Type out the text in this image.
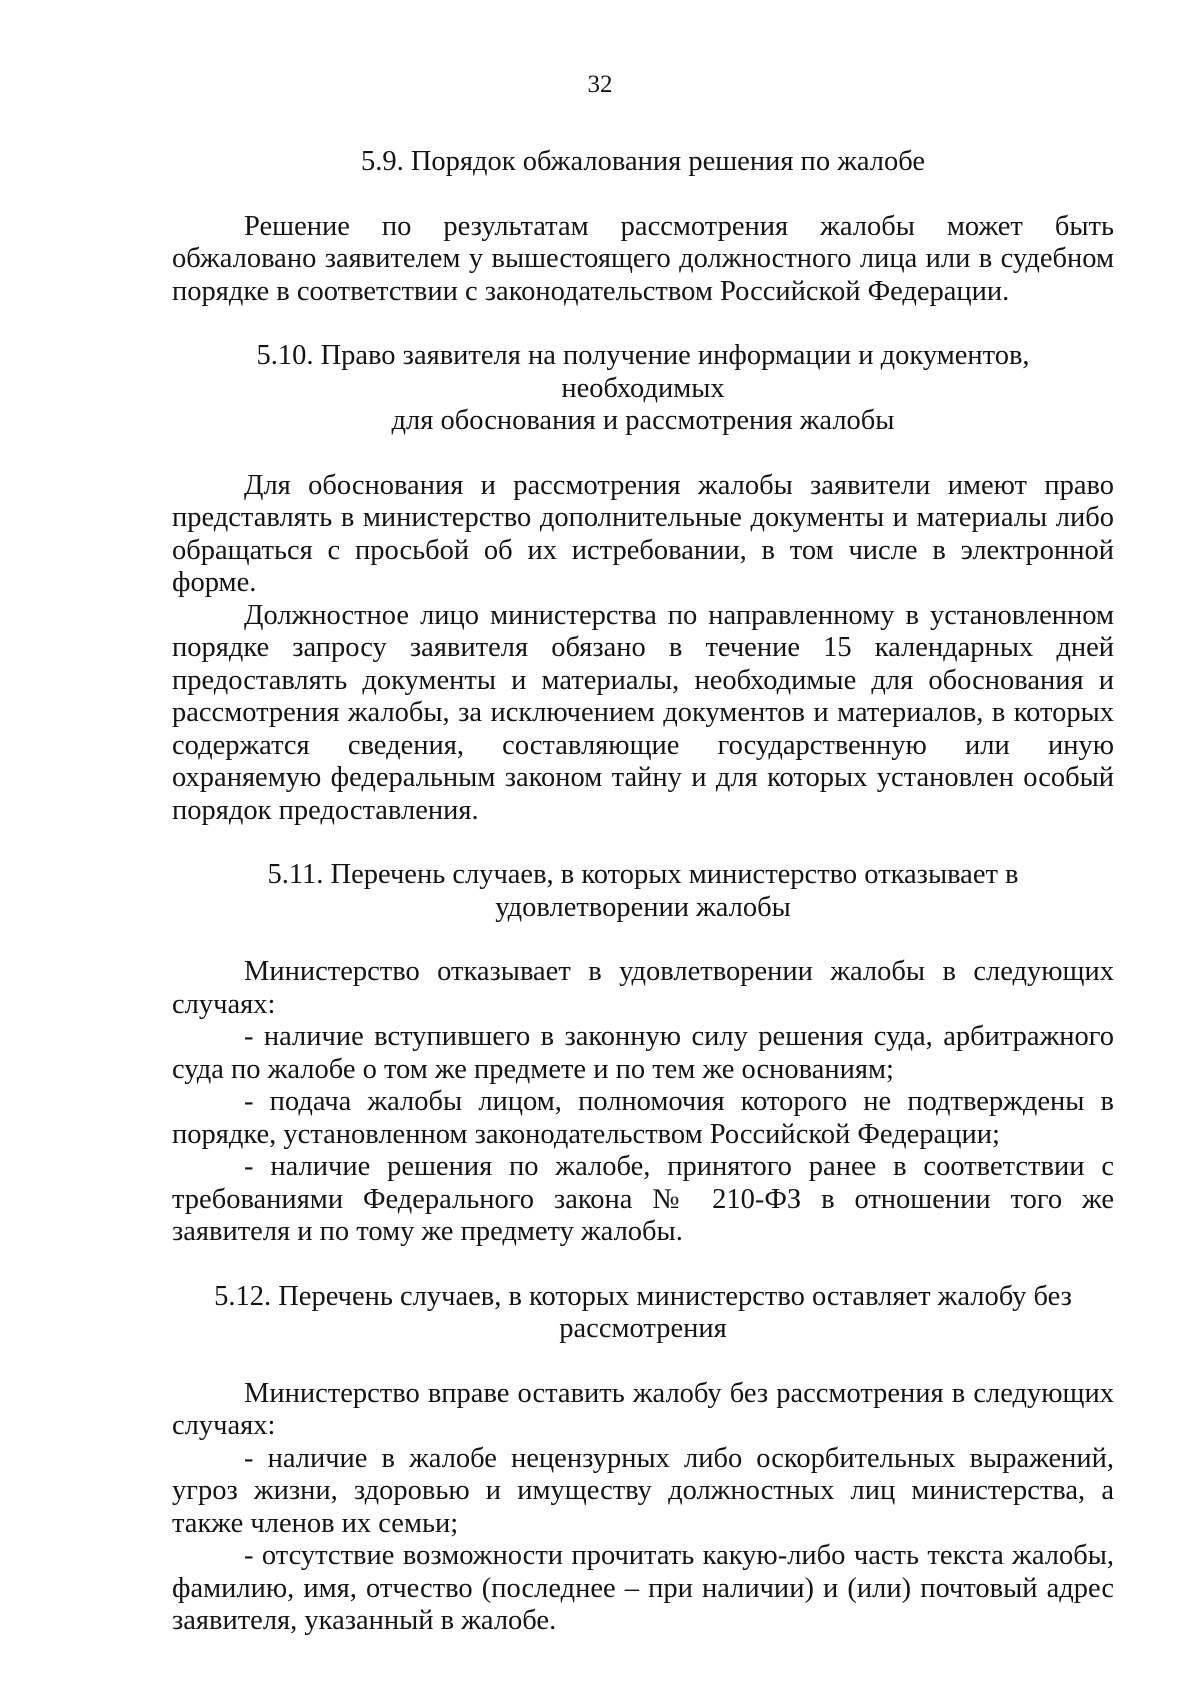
32

5.9. Порядок обжалования решения по жалобе

Решение по результатам рассмотрения жалобы может быть обжаловано заявителем у вышестоящего должностного лица или в судебном порядке в соответствии с законодательством Российской Федерации.

5.10. Право заявителя на получение информации и документов, необходимых

для обоснования и рассмотрения жалобы

Для обоснования и рассмотрения жалобы заявители имеют право представлять в министерство дополнительные документы и материалы либо обращаться с просьбой об их истребовании, в том числе в электронной форме.

Должностное лицо министерства по направленному в установленном порядке запросу заявителя обязано в течение 15 календарных дней предоставлять документы и материалы, необходимые для обоснования и рассмотрения жалобы, за исключением документов и материалов, в которых содержатся сведения, составляющие государственную или иную охраняемую федеральным законом тайну и для которых установлен особый порядок предоставления.

5.11. Перечень случаев, в которых министерство отказывает в

удовлетворении жалобы

Министерство отказывает в удовлетворении жалобы в следующих случаях:

- наличие вступившего в законную силу решения суда, арбитражного суда по жалобе о том же предмете и по тем же основаниям;

- подача жалобы лицом, полномочия которого не подтверждены в порядке, установленном законодательством Российской Федерации;

- наличие решения по жалобе, принятого ранее в соответствии с требованиями Федерального закона № 210-ФЗ в отношении того же заявителя и по тому же предмету жалобы.

5.12. Перечень случаев, в которых министерство оставляет жалобу без

рассмотрения

Министерство вправе оставить жалобу без рассмотрения в следующих случаях:

- наличие в жалобе нецензурных либо оскорбительных выражений, угроз жизни, здоровью и имуществу должностных лиц министерства, а также членов их семьи;

- отсутствие возможности прочитать какую-либо часть текста жалобы, фамилию, имя, отчество (последнее – при наличии) и (или) почтовый адрес заявителя, указанный в жалобе.
